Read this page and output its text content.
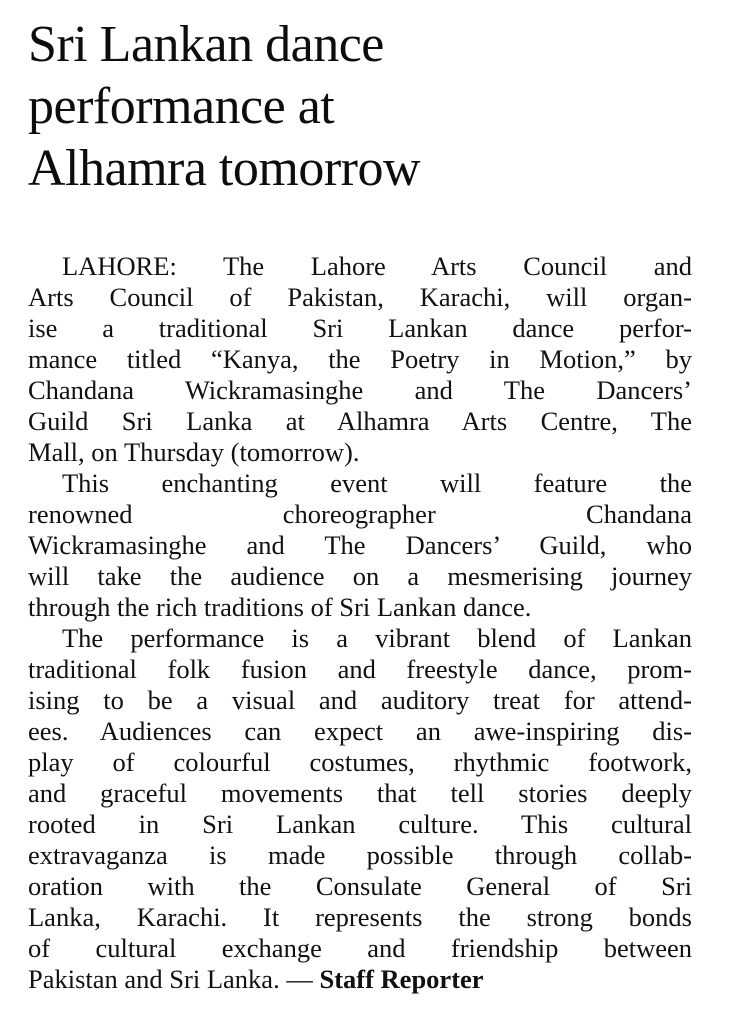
Sri Lankan dance
performance at
Alhamra tomorrow

LAHORE: The Lahore Arts Council and
Arts Council of Pakistan, Karachi, will organ-
ise a traditional Sri Lankan dance perfor-
mance titled “Kanya, the Poetry in Motion,” by
Chandana Wickramasinghe and The Dancers’
Guild Sri Lanka at Alhamra Arts Centre, The
Mall, on Thursday (tomorrow).

This enchanting event will feature the
renowned choreographer Chandana
Wickramasinghe and The Dancers’ Guild, who
will take the audience on a mesmerising journey
through the rich traditions of Sri Lankan dance.

The performance is a vibrant blend of Lankan
traditional folk fusion and freestyle dance, prom-
ising to be a visual and auditory treat for attend-
ees. Audiences can expect an awe-inspiring dis-
play of colourful costumes, rhythmic footwork,
and graceful movements that tell stories deeply
rooted in Sri Lankan culture. This cultural
extravaganza is made possible through collab-
oration with the Consulate General of Sri
Lanka, Karachi. It represents the strong bonds
of cultural exchange and friendship between
Pakistan and Sri Lanka. — Staff Reporter
